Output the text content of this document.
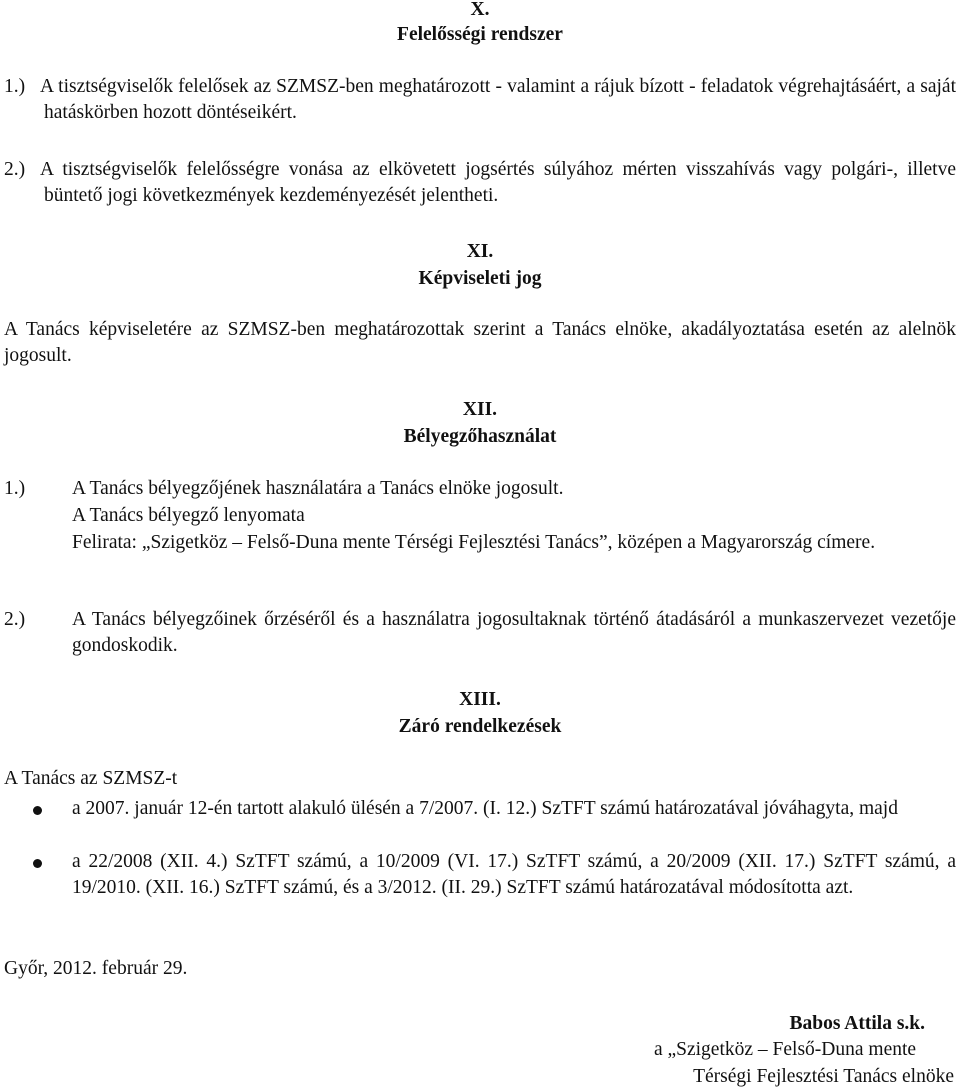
X.
Felelősségi rendszer
1.) A tisztségviselők felelősek az SZMSZ-ben meghatározott - valamint a rájuk bízott - feladatok végrehajtásáért, a saját hatáskörben hozott döntéseikért.
2.) A tisztségviselők felelősségre vonása az elkövetett jogsértés súlyához mérten visszahívás vagy polgári-, illetve büntető jogi következmények kezdeményezését jelentheti.
XI.
Képviseleti jog
A Tanács képviseletére az SZMSZ-ben meghatározottak szerint a Tanács elnöke, akadályoztatása esetén az alelnök jogosult.
XII.
Bélyegzőhasználat
1.) A Tanács bélyegzőjének használatára a Tanács elnöke jogosult.
A Tanács bélyegző lenyomata
Felirata: „Szigetköz – Felső-Duna mente Térségi Fejlesztési Tanács”, középen a Magyarország címere.
2.) A Tanács bélyegzőinek őrzéséről és a használatra jogosultaknak történő átadásáról a munkaszervezet vezetője gondoskodik.
XIII.
Záró rendelkezések
A Tanács az SZMSZ-t
a 2007. január 12-én tartott alakuló ülésén a 7/2007. (I. 12.) SzTFT számú határozatával jóváhagyta, majd
a 22/2008 (XII. 4.) SzTFT számú, a 10/2009 (VI. 17.) SzTFT számú, a 20/2009 (XII. 17.) SzTFT számú, a 19/2010. (XII. 16.) SzTFT számú, és a 3/2012. (II. 29.) SzTFT számú határozatával módosította azt.
Győr, 2012. február 29.
Babos Attila s.k.
a „Szigetköz – Felső-Duna mente
Térségi Fejlesztési Tanács elnöke
